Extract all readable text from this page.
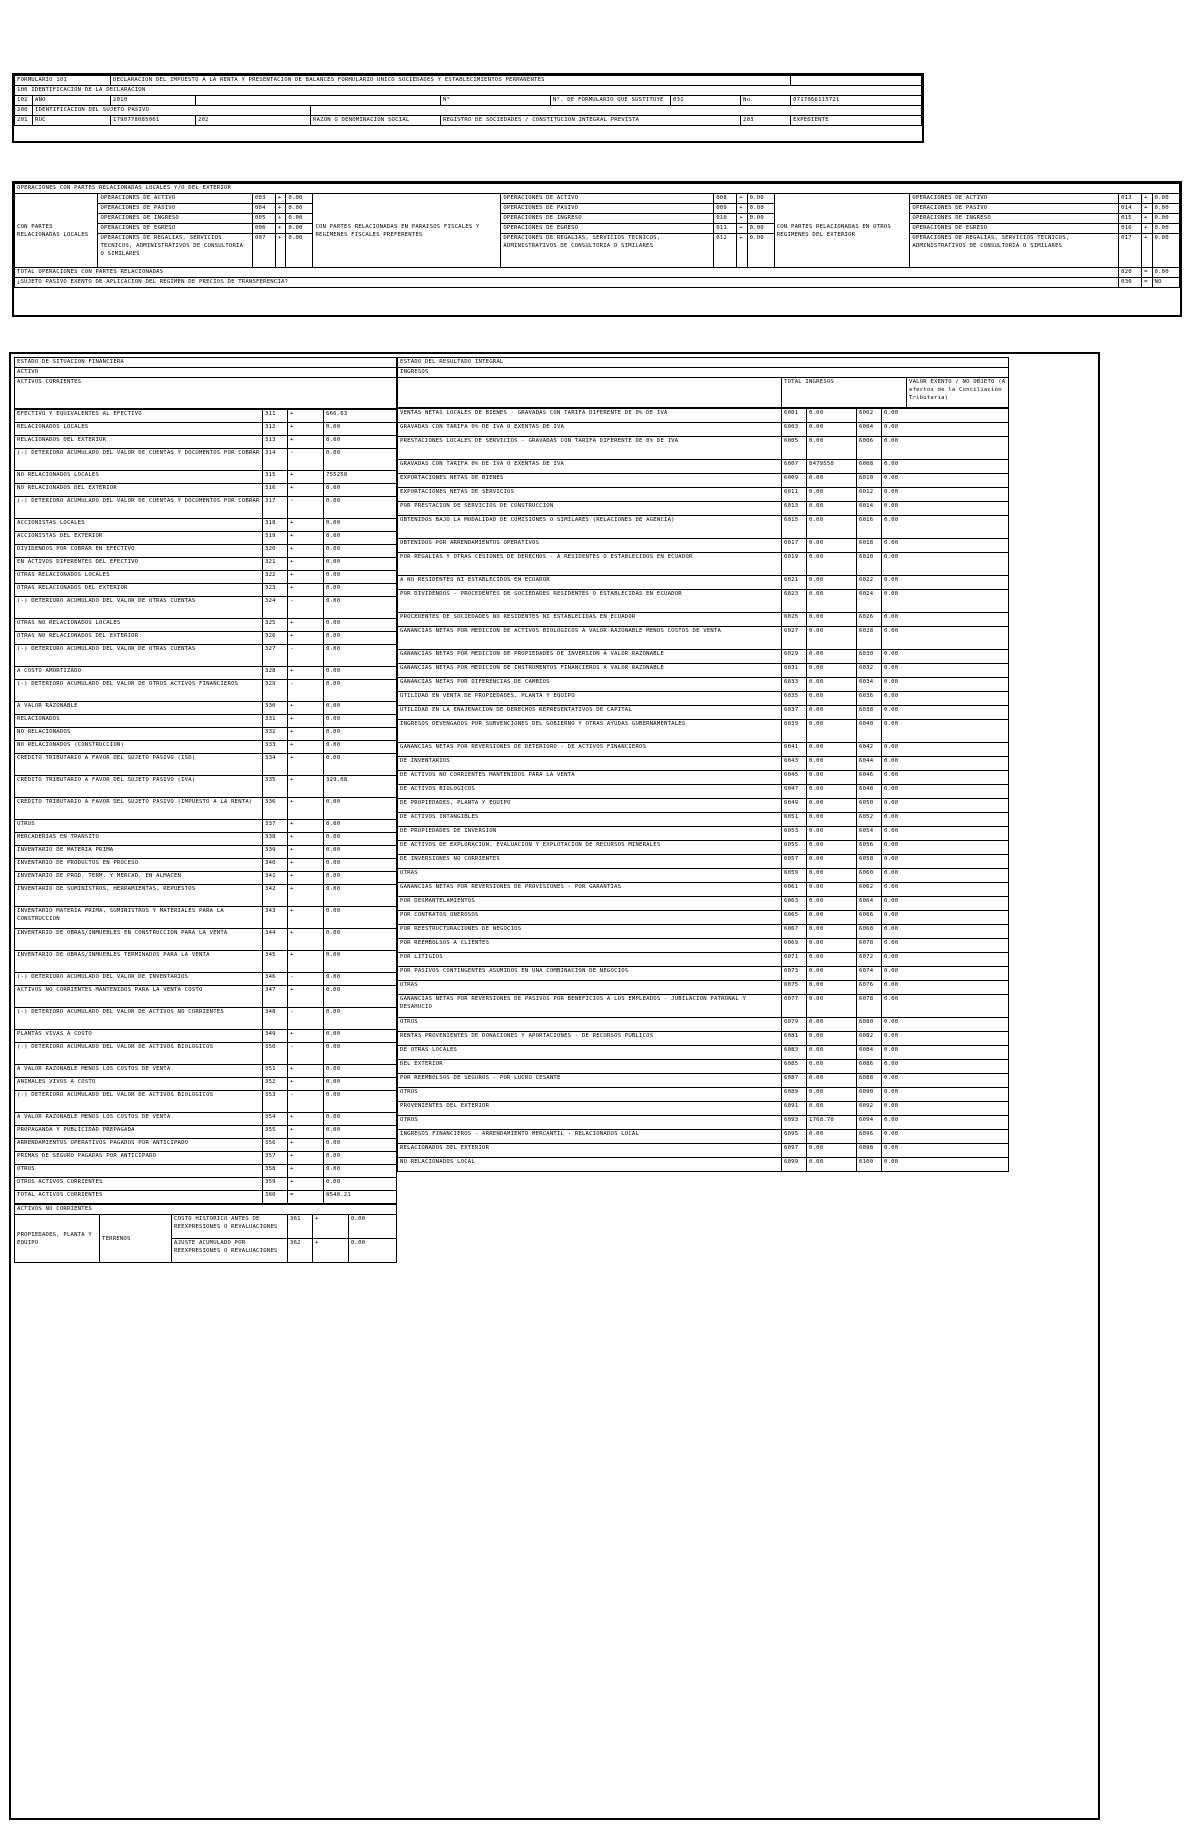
FORMULARIO 101		DECLARACION DEL IMPUESTO A LA RENTA Y PRESENTACION DE BALANCES FORMULARIO UNICO SOCIEDADES Y ESTABLECIMIENTOS PERMANENTES							
100 IDENTIFICACION DE LA DECLARACION									
102	AÑO	2010			N°	N°. DE FORMULARIO QUE SUSTITUYE	031	No.	0717066115721
200	IDENTIFICACION DEL SUJETO PASIVO								
201	RUC	1790778085001	202	RAZON O DENOMINACION SOCIAL	REGISTRO DE SOCIEDADES / CONSTITUCION INTEGRAL PREVISTA			203	EXPEDIENTE
OPERACIONES CON PARTES RELACIONADAS LOCALES Y/O DEL EXTERIOR														
CON PARTES RELACIONADAS LOCALES	OPERACIONES DE ACTIVO	003	+	0.00	CON PARTES RELACIONADAS EN PARAISOS FISCALES Y REGIMENES FISCALES PREFERENTES	OPERACIONES DE ACTIVO	008	+	0.00	CON PARTES RELACIONADAS EN OTROS REGIMENES DEL EXTERIOR	OPERACIONES DE ACTIVO	013	+	0.00
	OPERACIONES DE PASIVO	004	+	0.00		OPERACIONES DE PASIVO	009	+	0.00		OPERACIONES DE PASIVO	014	+	0.00
	OPERACIONES DE INGRESO	005	+	0.00		OPERACIONES DE INGRESO	010	+	0.00		OPERACIONES DE INGRESO	015	+	0.00
	OPERACIONES DE EGRESO	006	+	0.00		OPERACIONES DE EGRESO	011	+	0.00		OPERACIONES DE EGRESO	016	+	0.00
	OPERACIONES DE REGALIAS, SERVICIOS TECNICOS, ADMINISTRATIVOS DE CONSULTORIA O SIMILARES	007	+	0.00		OPERACIONES DE REGALIAS, SERVICIOS TECNICOS, ADMINISTRATIVOS DE CONSULTORIA O SIMILARES	012	+	0.00		OPERACIONES DE REGALIAS, SERVICIOS TECNICOS, ADMINISTRATIVOS DE CONSULTORIA O SIMILARES	017	+	0.00
TOTAL OPERACIONES CON PARTES RELACIONADAS												020	=	0.00
¿SUJETO PASIVO EXENTO DE APLICACION DEL REGIMEN DE PRECIOS DE TRANSFERENCIA?												030	=	NO
ESTADO DE SITUACION FINANCIERA
ACTIVO
ACTIVOS CORRIENTES
EFECTIVO Y EQUIVALENTES AL EFECTIVO	311	+	666.63
RELACIONADOS LOCALES	312	+	0.00
RELACIONADOS DEL EXTERIOR	313	+	0.00
(-) DETERIORO ACUMULADO DEL VALOR DE CUENTAS Y DOCUMENTOS POR COBRAR	314	-	0.00
NO RELACIONADOS LOCALES	315	+	755250
NO RELACIONADOS DEL EXTERIOR	316	+	0.00
(-) DETERIORO ACUMULADO DEL VALOR DE CUENTAS Y DOCUMENTOS POR COBRAR	317	-	0.00
ACCIONISTAS LOCALES	318	+	0.00
ACCIONISTAS DEL EXTERIOR	319	+	0.00
DIVIDENDOS POR COBRAR EN EFECTIVO	320	+	0.00
EN ACTIVOS DIFERENTES DEL EFECTIVO	321	+	0.00
OTRAS RELACIONADOS LOCALES	322	+	0.00
OTRAS RELACIONADOS DEL EXTERIOR	323	+	0.00
(-) DETERIORO ACUMULADO DEL VALOR DE OTRAS CUENTAS	324	-	0.00
OTRAS NO RELACIONADOS LOCALES	325	+	0.00
OTRAS NO RELACIONADOS DEL EXTERIOR	326	+	0.00
(-) DETERIORO ACUMULADO DEL VALOR DE OTRAS CUENTAS	327	-	0.00
A COSTO AMORTIZADO	328	+	0.00
(-) DETERIORO ACUMULADO DEL VALOR DE OTROS ACTIVOS FINANCIEROS	329	-	0.00
A VALOR RAZONABLE	330	+	0.00
RELACIONADOS	331	+	0.00
NO RELACIONADOS	332	+	0.00
NO RELACIONADOS (CONSTRUCCION)	333	+	0.00
CREDITO TRIBUTARIO A FAVOR DEL SUJETO PASIVO (ISD)	334	+	0.00
CREDITO TRIBUTARIO A FAVOR DEL SUJETO PASIVO (IVA)	335	+	329.08
CREDITO TRIBUTARIO A FAVOR DEL SUJETO PASIVO (IMPUESTO A LA RENTA)	336	+	0.00
OTROS	337	+	0.00
MERCADERIAS EN TRANSITO	338	+	0.00
INVENTARIO DE MATERIA PRIMA	339	+	0.00
INVENTARIO DE PRODUCTOS EN PROCESO	340	+	0.00
INVENTARIO DE PROD. TERM. Y MERCAD. EN ALMACEN	341	+	0.00
INVENTARIO DE SUMINISTROS, HERRAMIENTAS, REPUESTOS	342	+	0.00
INVENTARIO MATERIA PRIMA, SUMINISTROS Y MATERIALES PARA LA CONSTRUCCION	343	+	0.00
INVENTARIO DE OBRAS/INMUEBLES EN CONSTRUCCION PARA LA VENTA	344	+	0.00
INVENTARIO DE OBRAS/INMUEBLES TERMINADOS PARA LA VENTA	345	+	0.00
(-) DETERIORO ACUMULADO DEL VALOR DE INVENTARIOS	346	-	0.00
ACTIVOS NO CORRIENTES MANTENIDOS PARA LA VENTA COSTO	347	+	0.00
(-) DETERIORO ACUMULADO DEL VALOR DE ACTIVOS NO CORRIENTES	348	-	0.00
PLANTAS VIVAS A COSTO	349	+	0.00
(-) DETERIORO ACUMULADO DEL VALOR DE ACTIVOS BIOLOGICOS	350	-	0.00
A VALOR RAZONABLE MENOS LOS COSTOS DE VENTA	351	+	0.00
ANIMALES VIVOS A COSTO	352	+	0.00
(-) DETERIORO ACUMULADO DEL VALOR DE ACTIVOS BIOLOGICOS	353	-	0.00
A VALOR RAZONABLE MENOS LOS COSTOS DE VENTA	354	+	0.00
PROPAGANDA Y PUBLICIDAD PREPAGADA	355	+	0.00
ARRENDAMIENTOS OPERATIVOS PAGADOS POR ANTICIPADO	356	+	0.00
PRIMAS DE SEGURO PAGADAS POR ANTICIPADO	357	+	0.00
OTROS	358	+	0.00
OTROS ACTIVOS CORRIENTES	359	+	0.00
TOTAL ACTIVOS CORRIENTES	360	=	8548.21
ACTIVOS NO CORRIENTES					
PROPIEDADES, PLANTA Y EQUIPO	TERRENOS	COSTO HISTORICO ANTES DE REEXPRESIONES O REVALUACIONES	361	+	0.00
		AJUSTE ACUMULADO POR REEXPRESIONES O REVALUACIONES	362	+	0.00
ESTADO DEL RESULTADO INTEGRAL
INGRESOS
	TOTAL INGRESOS	VALOR EXENTO / NO OBJETO (A efectos de la Conciliación Tributaria)
VENTAS NETAS LOCALES DE BIENES - GRAVADAS CON TARIFA DIFERENTE DE 0% DE IVA	6001	0.00	6002	0.00
GRAVADAS CON TARIFA 0% DE IVA O EXENTAS DE IVA	6003	0.00	6004	0.00
PRESTACIONES LOCALES DE SERVICIOS - GRAVADAS CON TARIFA DIFERENTE DE 0% DE IVA	6005	0.00	6006	0.00
GRAVADAS CON TARIFA 0% DE IVA O EXENTAS DE IVA	6007	8479550	6008	0.00
EXPORTACIONES NETAS DE BIENES	6009	0.00	6010	0.00
EXPORTACIONES NETAS DE SERVICIOS	6011	0.00	6012	0.00
POR PRESTACION DE SERVICIOS DE CONSTRUCCION	6013	0.00	6014	0.00
OBTENIDOS BAJO LA MODALIDAD DE COMISIONES O SIMILARES (RELACIONES DE AGENCIA)	6015	0.00	6016	0.00
OBTENIDOS POR ARRENDAMIENTOS OPERATIVOS	6017	0.00	6018	0.00
POR REGALIAS Y OTRAS CESIONES DE DERECHOS - A RESIDENTES O ESTABLECIDOS EN ECUADOR	6019	0.00	6020	0.00
A NO RESIDENTES NI ESTABLECIDOS EN ECUADOR	6021	0.00	6022	0.00
POR DIVIDENDOS - PROCEDENTES DE SOCIEDADES RESIDENTES O ESTABLECIDAS EN ECUADOR	6023	0.00	6024	0.00
PROCEDENTES DE SOCIEDADES NO RESIDENTES NI ESTABLECIDAS EN ECUADOR	6025	0.00	6026	0.00
GANANCIAS NETAS POR MEDICION DE ACTIVOS BIOLOGICOS A VALOR RAZONABLE MENOS COSTOS DE VENTA	6027	0.00	6028	0.00
GANANCIAS NETAS POR MEDICION DE PROPIEDADES DE INVERSION A VALOR RAZONABLE	6029	0.00	6030	0.00
GANANCIAS NETAS POR MEDICION DE INSTRUMENTOS FINANCIEROS A VALOR RAZONABLE	6031	0.00	6032	0.00
GANANCIAS NETAS POR DIFERENCIAS DE CAMBIOS	6033	0.00	6034	0.00
UTILIDAD EN VENTA DE PROPIEDADES, PLANTA Y EQUIPO	6035	0.00	6036	0.00
UTILIDAD EN LA ENAJENACION DE DERECHOS REPRESENTATIVOS DE CAPITAL	6037	0.00	6038	0.00
INGRESOS DEVENGADOS POR SUBVENCIONES DEL GOBIERNO Y OTRAS AYUDAS GUBERNAMENTALES	6039	0.00	6040	0.00
GANANCIAS NETAS POR REVERSIONES DE DETERIORO - DE ACTIVOS FINANCIEROS	6041	0.00	6042	0.00
DE INVENTARIOS	6043	0.00	6044	0.00
DE ACTIVOS NO CORRIENTES MANTENIDOS PARA LA VENTA	6045	0.00	6046	0.00
DE ACTIVOS BIOLOGICOS	6047	0.00	6048	0.00
DE PROPIEDADES, PLANTA Y EQUIPO	6049	0.00	6050	0.00
DE ACTIVOS INTANGIBLES	6051	0.00	6052	0.00
DE PROPIEDADES DE INVERSION	6053	0.00	6054	0.00
DE ACTIVOS DE EXPLORACION, EVALUACION Y EXPLOTACION DE RECURSOS MINERALES	6055	0.00	6056	0.00
DE INVERSIONES NO CORRIENTES	6057	0.00	6058	0.00
OTRAS	6059	0.00	6060	0.00
GANANCIAS NETAS POR REVERSIONES DE PROVISIONES - POR GARANTIAS	6061	0.00	6062	0.00
POR DESMANTELAMIENTOS	6063	0.00	6064	0.00
POR CONTRATOS ONEROSOS	6065	0.00	6066	0.00
POR REESTRUCTURACIONES DE NEGOCIOS	6067	0.00	6068	0.00
POR REEMBOLSOS A CLIENTES	6069	0.00	6070	0.00
POR LITIGIOS	6071	0.00	6072	0.00
POR PASIVOS CONTINGENTES ASUMIDOS EN UNA COMBINACION DE NEGOCIOS	6073	0.00	6074	0.00
OTRAS	6075	0.00	6076	0.00
GANANCIAS NETAS POR REVERSIONES DE PASIVOS POR BENEFICIOS A LOS EMPLEADOS - JUBILACION PATRONAL Y DESAHUCIO	6077	0.00	6078	0.00
OTROS	6079	0.00	6080	0.00
RENTAS PROVENIENTES DE DONACIONES Y APORTACIONES - DE RECURSOS PUBLICOS	6081	0.00	6082	0.00
DE OTRAS LOCALES	6083	0.00	6084	0.00
DEL EXTERIOR	6085	0.00	6086	0.00
POR REEMBOLSOS DE SEGUROS - POR LUCRO CESANTE	6087	0.00	6088	0.00
OTROS	6089	0.00	6090	0.00
PROVENIENTES DEL EXTERIOR	6091	0.00	6092	0.00
OTROS	6093	1768.70	6094	0.00
INGRESOS FINANCIEROS - ARRENDAMIENTO MERCANTIL - RELACIONADOS LOCAL	6095	0.00	6096	0.00
RELACIONADOS DEL EXTERIOR	6097	0.00	6098	0.00
NO RELACIONADOS LOCAL	6099	0.00	6100	0.00
